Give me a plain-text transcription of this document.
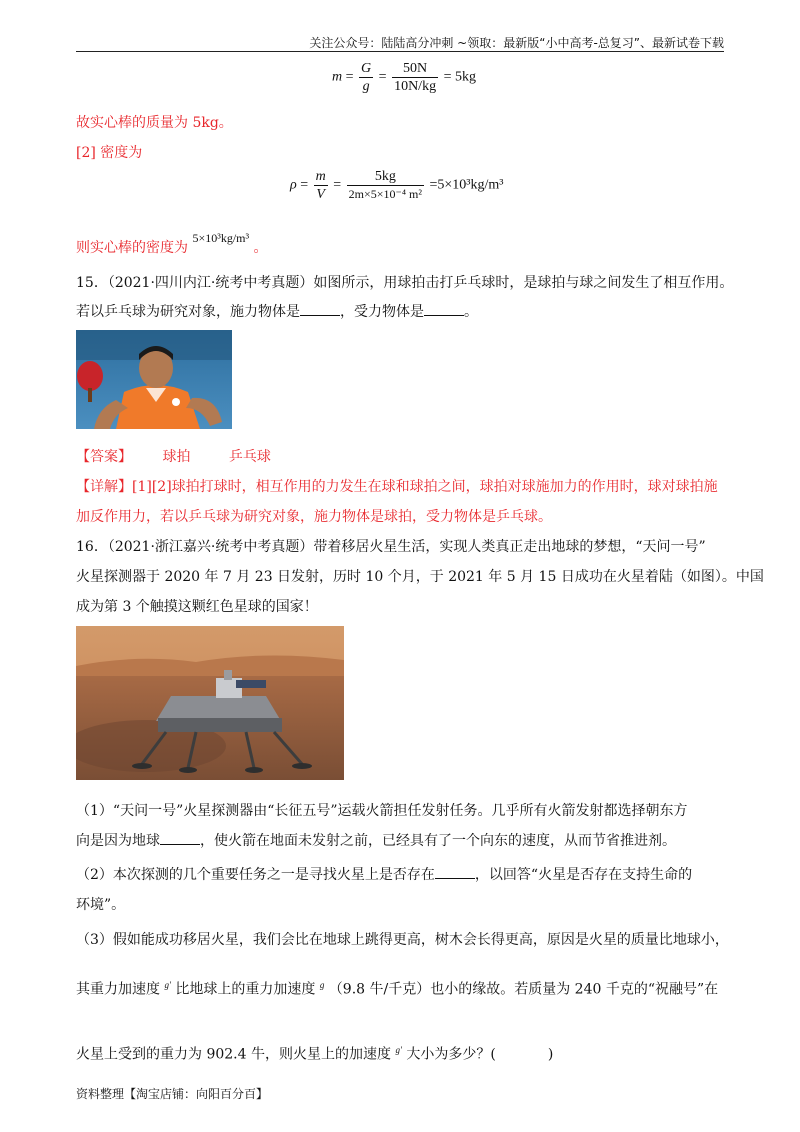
关注公众号：陆陆高分冲刺 ~领取：最新版“小中高考-总复习”、最新试卷下载
$m = \frac{G}{g} = \frac{50N}{10N/kg} = 5kg$
故实心棒的质量为 5kg。
[2] 密度为
$\rho = \frac{m}{V} = \frac{5kg}{\text{2m×5×10⁻⁴ m²}} =5\times 10^3kg/m^3$
则实心棒的密度为 5×10³kg/m³ 。
15．（2021·四川内江·统考中考真题）如图所示，用球拍击打乒乓球时，是球拍与球之间发生了相互作用。
若以乒乓球为研究对象，施力物体是	，受力物体是	。
【答案】 球拍	乒乓球
【详解】[1][2]球拍打球时，相互作用的力发生在球和球拍之间，球拍对球施加力的作用时，球对球拍施
加反作用力，若以乒乓球为研究对象，施力物体是球拍，受力物体是乒乓球。
16．（2021·浙江嘉兴·统考中考真题）带着移居火星生活，实现人类真正走出地球的梦想，“天问一号”
火星探测器于 2020 年 7 月 23 日发射，历时 10 个月，于 2021 年 5 月 15 日成功在火星着陆（如图）。中国
成为第 3 个触摸这颗红色星球的国家！
（1）“天问一号”火星探测器由“长征五号”运载火箭担任发射任务。几乎所有火箭发射都选择朝东方
向是因为地球	，使火箭在地面未发射之前，已经具有了一个向东的速度，从而节省推进剂。
（2）本次探测的几个重要任务之一是寻找火星上是否存在	，以回答“火星是否存在支持生命的
环境”。
（3）假如能成功移居火星，我们会比在地球上跳得更高，树木会长得更高，原因是火星的质量比地球小，
其重力加速度 $^{g'}$ 比地球上的重力加速度 $^g$ （9.8 牛/千克）也小的缘故。若质量为 240 千克的“祝融号”在
火星上受到的重力为 902.4 牛，则火星上的加速度 $^{g'}$ 大小为多少？(	)
资料整理【淘宝店铺：向阳百分百】
